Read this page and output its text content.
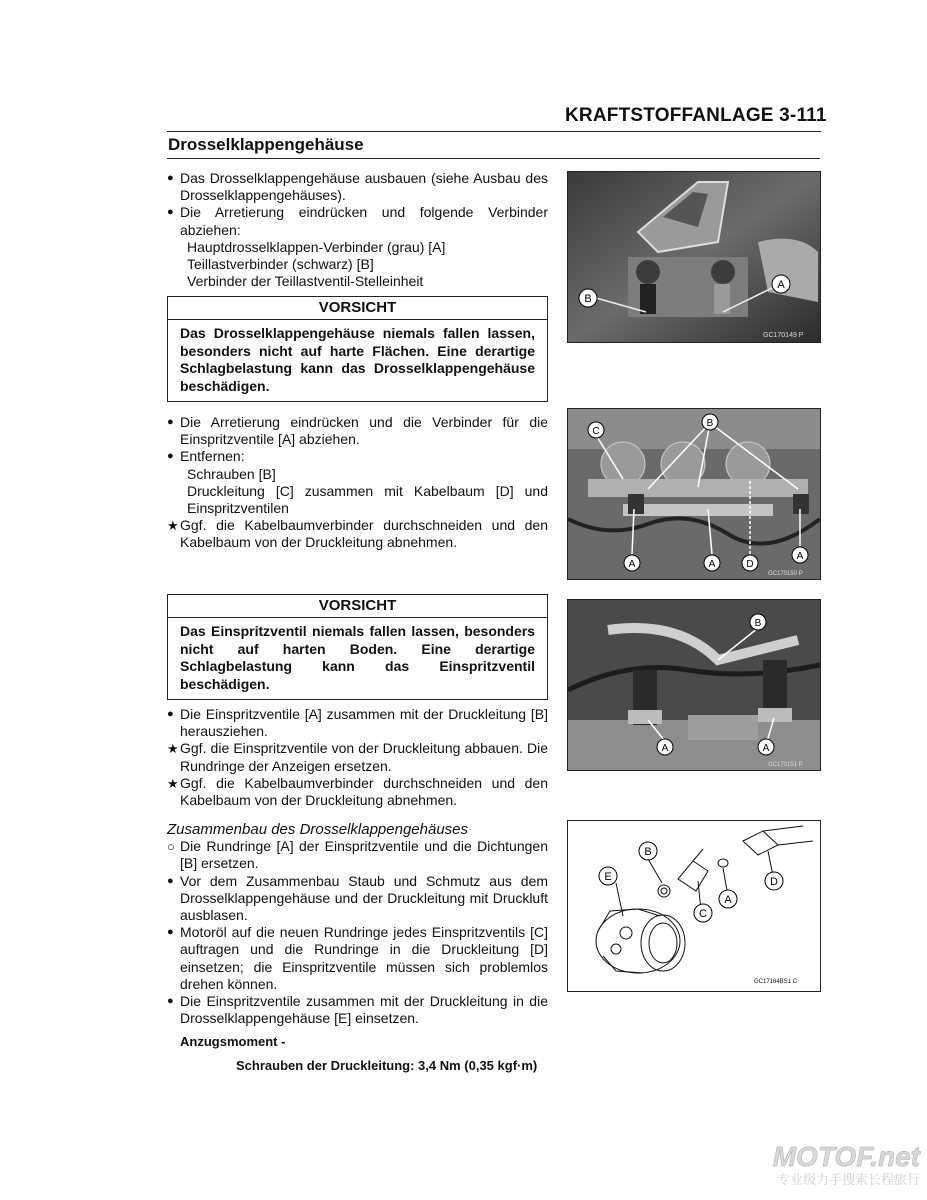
KRAFTSTOFFANLAGE 3-111
Drosselklappengehäuse

● Das Drosselklappengehäuse ausbauen (siehe Ausbau des Drosselklappengehäuses).

● Die Arretierung eindrücken und folgende Verbinder abziehen:

Hauptdrosselklappen-Verbinder (grau) [A]

Teillastverbinder (schwarz) [B]

Verbinder der Teillastventil-Stelleinheit

VORSICHT
Das Drosselklappengehäuse niemals fallen lassen, besonders nicht auf harte Flächen. Eine derartige Schlagbelastung kann das Drosselklappengehäuse beschädigen.

● Die Arretierung eindrücken und die Verbinder für die Einspritzventile [A] abziehen.

● Entfernen:

Schrauben [B]

Druckleitung [C] zusammen mit Kabelbaum [D] und Einspritzventilen

★ Ggf. die Kabelbaumverbinder durchschneiden und den Kabelbaum von der Druckleitung abnehmen.

VORSICHT
Das Einspritzventil niemals fallen lassen, besonders nicht auf harten Boden. Eine derartige Schlagbelastung kann das Einspritzventil beschädigen.

● Die Einspritzventile [A] zusammen mit der Druckleitung [B] herausziehen.

★ Ggf. die Einspritzventile von der Druckleitung abbauen. Die Rundringe der Anzeigen ersetzen.

★ Ggf. die Kabelbaumverbinder durchschneiden und den Kabelbaum von der Druckleitung abnehmen.

Zusammenbau des Drosselklappengehäuses

○ Die Rundringe [A] der Einspritzventile und die Dichtungen [B] ersetzen.

● Vor dem Zusammenbau Staub und Schmutz aus dem Drosselklappengehäuse und der Druckleitung mit Druckluft ausblasen.

● Motoröl auf die neuen Rundringe jedes Einspritzventils [C] auftragen und die Rundringe in die Druckleitung [D] einsetzen; die Einspritzventile müssen sich problemlos drehen können.

● Die Einspritzventile zusammen mit der Druckleitung in die Drosselklappengehäuse [E] einsetzen.

Anzugsmoment -
Schrauben der Druckleitung: 3,4 Nm (0,35 kgf·m)
B
A
GC170149 P
C
B
A	A	D
A
GC170150 P
B
A	A
GC170151 P
B
E
C
A
D
GC17164BS1 C
MOTOF.net
专业级力手搜索长程旅行
